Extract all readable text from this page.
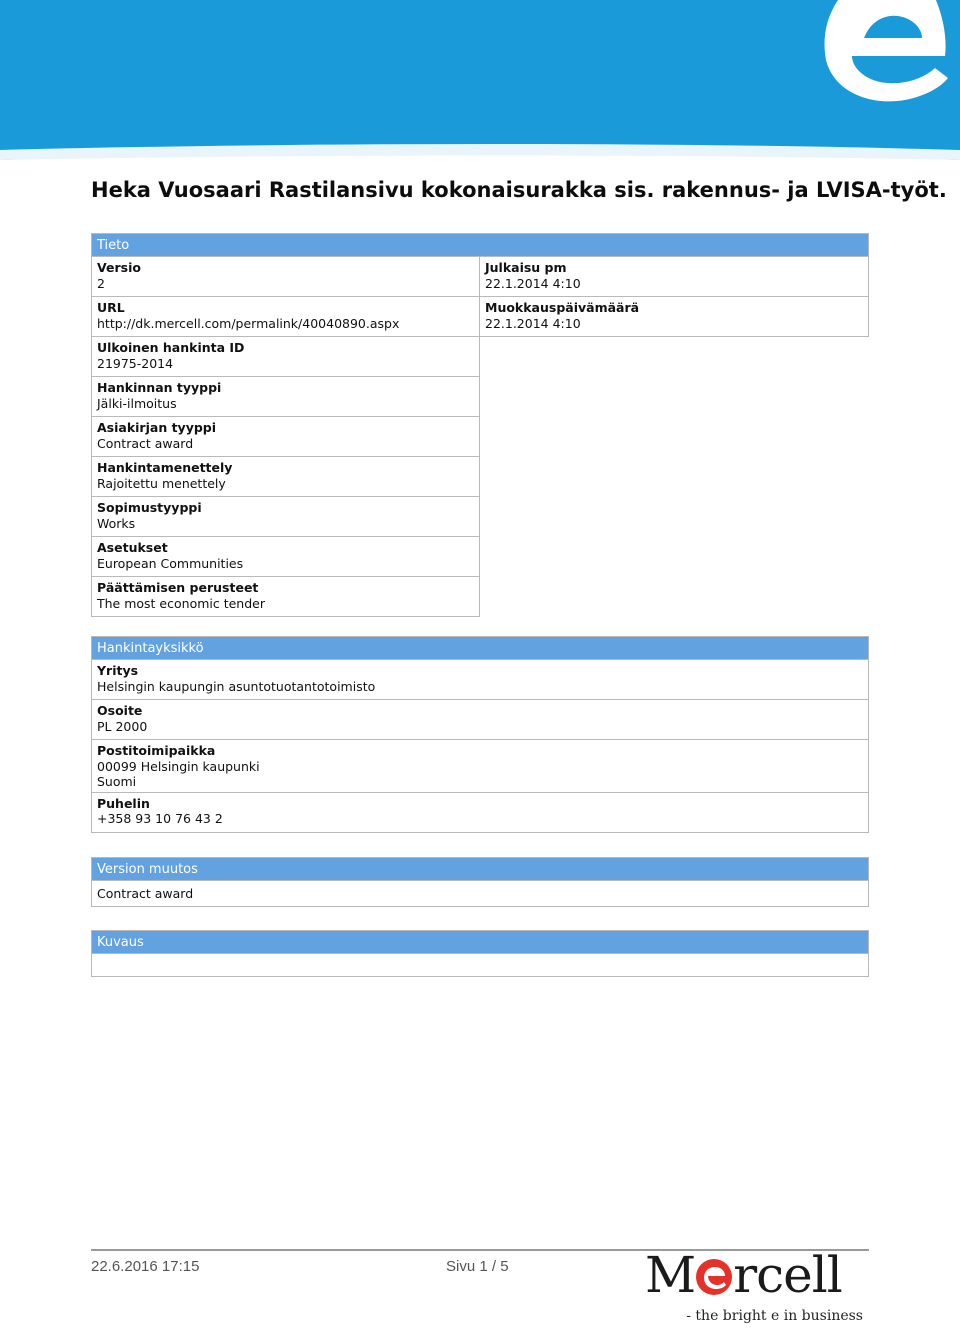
Heka Vuosaari Rastilansivu kokonaisurakka sis. rakennus- ja LVISA-työt.
Tieto
Versio
2
URL
http://dk.mercell.com/permalink/40040890.aspx
Ulkoinen hankinta ID
21975-2014
Hankinnan tyyppi
Jälki-ilmoitus
Asiakirjan tyyppi
Contract award
Hankintamenettely
Rajoitettu menettely
Sopimustyyppi
Works
Asetukset
European Communities
Päättämisen perusteet
The most economic tender
Julkaisu pm
22.1.2014 4:10
Muokkauspäivämäärä
22.1.2014 4:10
Hankintayksikkö
Yritys
Helsingin kaupungin asuntotuotantotoimisto
Osoite
PL 2000
Postitoimipaikka
00099 Helsingin kaupunki
Suomi
Puhelin
+358 93 10 76 43 2
Version muutos
Contract award
Kuvaus
22.6.2016 17:15	Sivu 1 / 5	M rcell
- the bright e in business
